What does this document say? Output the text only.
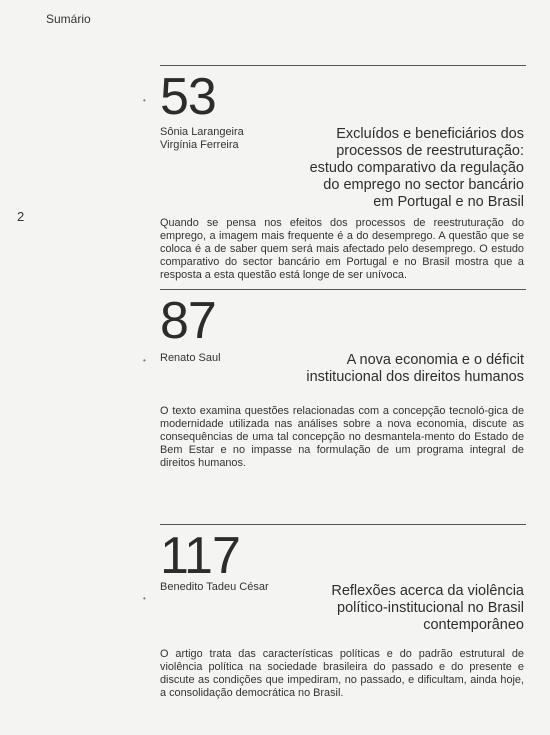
Sumário
2
•
•
•
53
Sônia Larangeira
Virgínia Ferreira
Excluídos e beneficiários dos
processos de reestruturação:
estudo comparativo da regulação
do emprego no sector bancário
em Portugal e no Brasil
Quando se pensa nos efeitos dos processos de reestruturação do emprego, a imagem mais frequente é a do desemprego. A questão que se coloca é a de saber quem será mais afectado pelo desemprego. O estudo comparativo do sector bancário em Portugal e no Brasil mostra que a resposta a esta questão está longe de ser unívoca.
87
Renato Saul	A nova economia e o déficit
institucional dos direitos humanos
O texto examina questões relacionadas com a concepção tecnoló-gica de modernidade utilizada nas análises sobre a nova economia, discute as consequências de uma tal concepção no desmantela-mento do Estado de Bem Estar e no impasse na formulação de um programa integral de direitos humanos.
117
Benedito Tadeu César	Reflexões acerca da violência
político-institucional no Brasil
contemporâneo
O artigo trata das características políticas e do padrão estrutural de violência política na sociedade brasileira do passado e do presente e discute as condições que impediram, no passado, e dificultam, ainda hoje, a consolidação democrática no Brasil.
